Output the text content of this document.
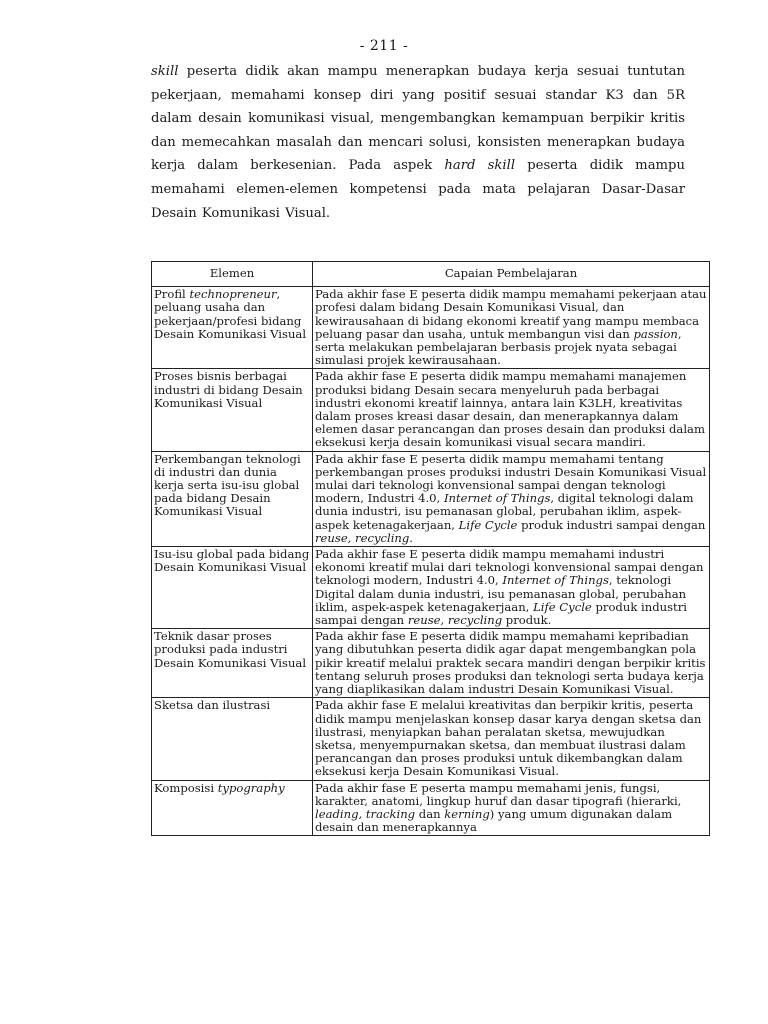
- 211 -

skill peserta didik akan mampu menerapkan budaya kerja sesuai tuntutan pekerjaan, memahami konsep diri yang positif sesuai standar K3 dan 5R dalam desain komunikasi visual, mengembangkan kemampuan berpikir kritis dan memecahkan masalah dan mencari solusi, konsisten menerapkan budaya kerja dalam berkesenian. Pada aspek hard skill peserta didik mampu memahami elemen-elemen kompetensi pada mata pelajaran Dasar-Dasar Desain Komunikasi Visual.

Elemen	Capaian Pembelajaran
Profil technopreneur, peluang usaha dan pekerjaan/profesi bidang Desain Komunikasi Visual	Pada akhir fase E peserta didik mampu memahami pekerjaan atau profesi dalam bidang Desain Komunikasi Visual, dan kewirausahaan di bidang ekonomi kreatif yang mampu membaca peluang pasar dan usaha, untuk membangun visi dan passion, serta melakukan pembelajaran berbasis projek nyata sebagai simulasi projek kewirausahaan.
Proses bisnis berbagai industri di bidang Desain Komunikasi Visual	Pada akhir fase E peserta didik mampu memahami manajemen produksi bidang Desain secara menyeluruh pada berbagai industri ekonomi kreatif lainnya, antara lain K3LH, kreativitas dalam proses kreasi dasar desain, dan menerapkannya dalam elemen dasar perancangan dan proses desain dan produksi dalam eksekusi kerja desain komunikasi visual secara mandiri.
Perkembangan teknologi di industri dan dunia kerja serta isu-isu global pada bidang Desain Komunikasi Visual	Pada akhir fase E peserta didik mampu memahami tentang perkembangan proses produksi industri Desain Komunikasi Visual mulai dari teknologi konvensional sampai dengan teknologi modern, Industri 4.0, Internet of Things, digital teknologi dalam dunia industri, isu pemanasan global, perubahan iklim, aspek-aspek ketenagakerjaan, Life Cycle produk industri sampai dengan reuse, recycling.
Isu-isu global pada bidang Desain Komunikasi Visual	Pada akhir fase E peserta didik mampu memahami industri ekonomi kreatif mulai dari teknologi konvensional sampai dengan teknologi modern, Industri 4.0, Internet of Things, teknologi Digital dalam dunia industri, isu pemanasan global, perubahan iklim, aspek-aspek ketenagakerjaan, Life Cycle produk industri sampai dengan reuse, recycling produk.
Teknik dasar proses produksi pada industri Desain Komunikasi Visual	Pada akhir fase E peserta didik mampu memahami kepribadian yang dibutuhkan peserta didik agar dapat mengembangkan pola pikir kreatif melalui praktek secara mandiri dengan berpikir kritis tentang seluruh proses produksi dan teknologi serta budaya kerja yang diaplikasikan dalam industri Desain Komunikasi Visual.
Sketsa dan ilustrasi	Pada akhir fase E melalui kreativitas dan berpikir kritis, peserta didik mampu menjelaskan konsep dasar karya dengan sketsa dan ilustrasi, menyiapkan bahan peralatan sketsa, mewujudkan sketsa, menyempurnakan sketsa, dan membuat ilustrasi dalam perancangan dan proses produksi untuk dikembangkan dalam eksekusi kerja Desain Komunikasi Visual.
Komposisi typography	Pada akhir fase E peserta mampu memahami jenis, fungsi, karakter, anatomi, lingkup huruf dan dasar tipografi (hierarki, leading, tracking dan kerning) yang umum digunakan dalam desain dan menerapkannya
